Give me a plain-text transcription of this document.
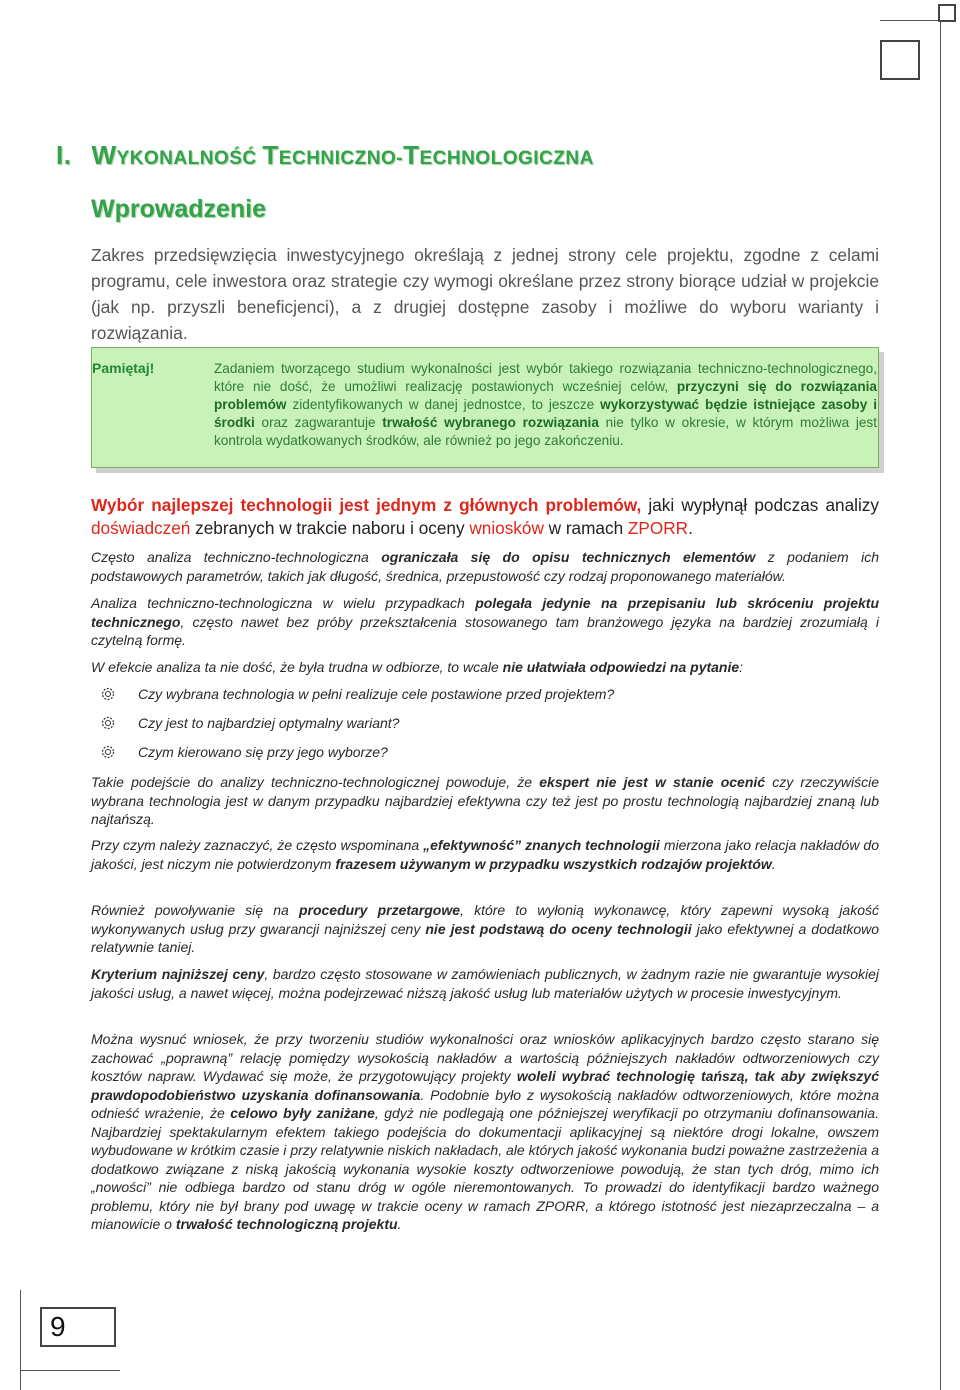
I. WYKONALNOŚĆ TECHNICZNO-TECHNOLOGICZNA
Wprowadzenie
Zakres przedsięwzięcia inwestycyjnego określają z jednej strony cele projektu, zgodne z celami programu, cele inwestora oraz strategie czy wymogi określane przez strony biorące udział w projekcie (jak np. przyszli beneficjenci), a z drugiej dostępne zasoby i możliwe do wyboru warianty i rozwiązania.
Pamiętaj!	Zadaniem tworzącego studium wykonalności jest wybór takiego rozwiązania techniczno-technologicznego, które nie dość, że umożliwi realizację postawionych wcześniej celów, przyczyni się do rozwiązania problemów zidentyfikowanych w danej jednostce, to jeszcze wykorzystywać będzie istniejące zasoby i środki oraz zagwarantuje trwałość wybranego rozwiązania nie tylko w okresie, w którym możliwa jest kontrola wydatkowanych środków, ale również po jego zakończeniu.
Wybór najlepszej technologii jest jednym z głównych problemów, jaki wypłynął podczas analizy doświadczeń zebranych w trakcie naboru i oceny wniosków w ramach ZPORR.
Często analiza techniczno-technologiczna ograniczała się do opisu technicznych elementów z podaniem ich podstawowych parametrów, takich jak długość, średnica, przepustowość czy rodzaj proponowanego materiałów.
Analiza techniczno-technologiczna w wielu przypadkach polegała jedynie na przepisaniu lub skróceniu projektu technicznego, często nawet bez próby przekształcenia stosowanego tam branżowego języka na bardziej zrozumiałą i czytelną formę.
W efekcie analiza ta nie dość, że była trudna w odbiorze, to wcale nie ułatwiała odpowiedzi na pytanie:
Czy wybrana technologia w pełni realizuje cele postawione przed projektem?
Czy jest to najbardziej optymalny wariant?
Czym kierowano się przy jego wyborze?
Takie podejście do analizy techniczno-technologicznej powoduje, że ekspert nie jest w stanie ocenić czy rzeczywiście wybrana technologia jest w danym przypadku najbardziej efektywna czy też jest po prostu technologią najbardziej znaną lub najtańszą.
Przy czym należy zaznaczyć, że często wspominana „efektywność” znanych technologii mierzona jako relacja nakładów do jakości, jest niczym nie potwierdzonym frazesem używanym w przypadku wszystkich rodzajów projektów.
Również powoływanie się na procedury przetargowe, które to wyłonią wykonawcę, który zapewni wysoką jakość wykonywanych usług przy gwarancji najniższej ceny nie jest podstawą do oceny technologii jako efektywnej a dodatkowo relatywnie taniej.
Kryterium najniższej ceny, bardzo często stosowane w zamówieniach publicznych, w żadnym razie nie gwarantuje wysokiej jakości usług, a nawet więcej, można podejrzewać niższą jakość usług lub materiałów użytych w procesie inwestycyjnym.
Można wysnuć wniosek, że przy tworzeniu studiów wykonalności oraz wniosków aplikacyjnych bardzo często starano się zachować „poprawną” relację pomiędzy wysokością nakładów a wartością późniejszych nakładów odtworzeniowych czy kosztów napraw. Wydawać się może, że przygotowujący projekty woleli wybrać technologię tańszą, tak aby zwiększyć prawdopodobieństwo uzyskania dofinansowania. Podobnie było z wysokością nakładów odtworzeniowych, które można odnieść wrażenie, że celowo były zaniżane, gdyż nie podlegają one późniejszej weryfikacji po otrzymaniu dofinansowania. Najbardziej spektakularnym efektem takiego podejścia do dokumentacji aplikacyjnej są niektóre drogi lokalne, owszem wybudowane w krótkim czasie i przy relatywnie niskich nakładach, ale których jakość wykonania budzi poważne zastrzeżenia a dodatkowo związane z niską jakością wykonania wysokie koszty odtworzeniowe powodują, że stan tych dróg, mimo ich „nowości” nie odbiega bardzo od stanu dróg w ogóle nieremontowanych. To prowadzi do identyfikacji bardzo ważnego problemu, który nie był brany pod uwagę w trakcie oceny w ramach ZPORR, a którego istotność jest niezaprzeczalna – a mianowicie o trwałość technologiczną projektu.
9
